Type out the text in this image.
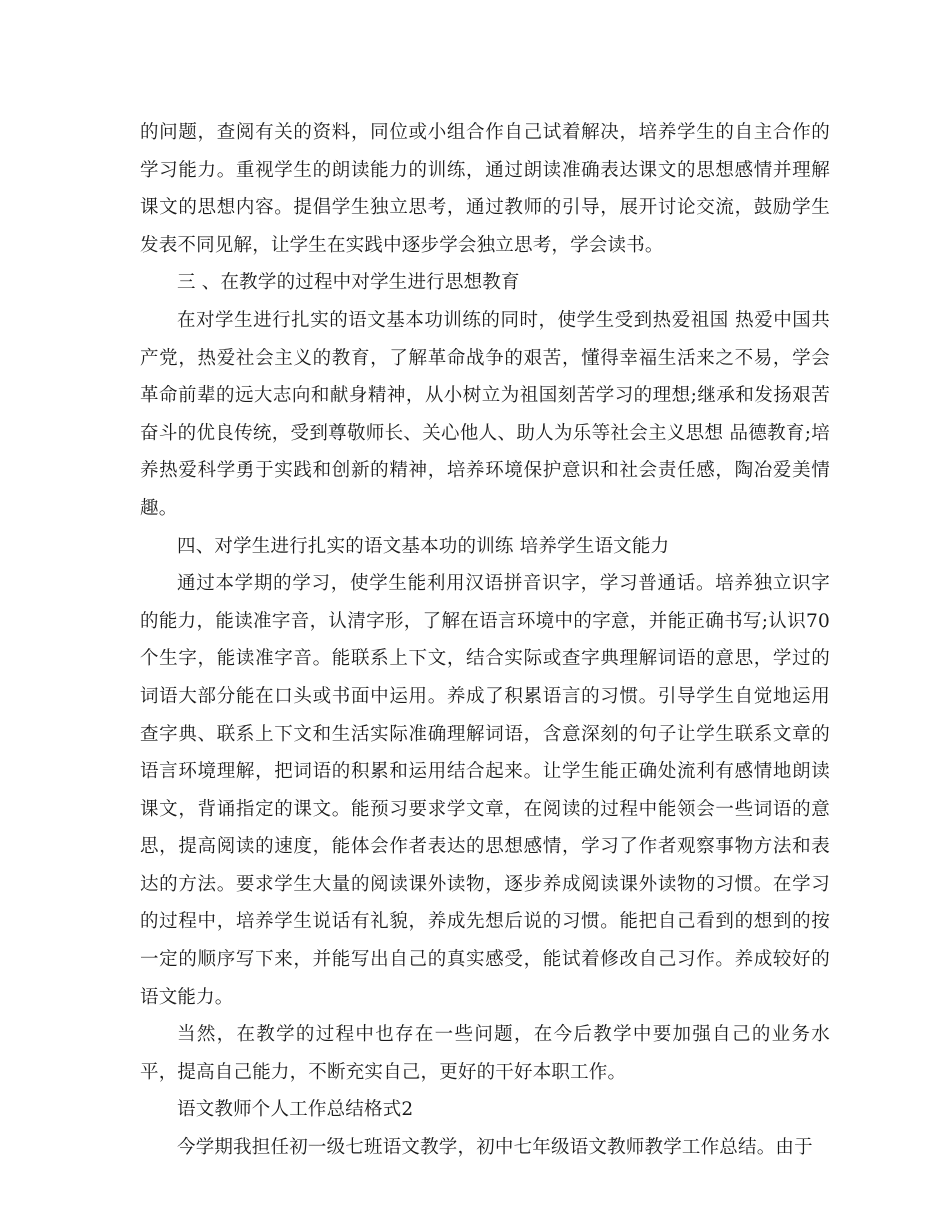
的问题，查阅有关的资料，同位或小组合作自己试着解决，培养学生的自主合作的学习能力。重视学生的朗读能力的训练，通过朗读准确表达课文的思想感情并理解课文的思想内容。提倡学生独立思考，通过教师的引导，展开讨论交流，鼓励学生发表不同见解，让学生在实践中逐步学会独立思考，学会读书。

三 、在教学的过程中对学生进行思想教育

在对学生进行扎实的语文基本功训练的同时，使学生受到热爱祖国 热爱中国共产党，热爱社会主义的教育，了解革命战争的艰苦，懂得幸福生活来之不易，学会革命前辈的远大志向和献身精神，从小树立为祖国刻苦学习的理想;继承和发扬艰苦奋斗的优良传统，受到尊敬师长、关心他人、助人为乐等社会主义思想 品德教育;培养热爱科学勇于实践和创新的精神，培养环境保护意识和社会责任感，陶冶爱美情趣。

四、对学生进行扎实的语文基本功的训练 培养学生语文能力

通过本学期的学习，使学生能利用汉语拼音识字，学习普通话。培养独立识字的能力，能读准字音，认清字形，了解在语言环境中的字意，并能正确书写;认识70个生字，能读准字音。能联系上下文，结合实际或查字典理解词语的意思，学过的词语大部分能在口头或书面中运用。养成了积累语言的习惯。引导学生自觉地运用查字典、联系上下文和生活实际准确理解词语，含意深刻的句子让学生联系文章的语言环境理解，把词语的积累和运用结合起来。让学生能正确处流利有感情地朗读课文，背诵指定的课文。能预习要求学文章，在阅读的过程中能领会一些词语的意思，提高阅读的速度，能体会作者表达的思想感情，学习了作者观察事物方法和表达的方法。要求学生大量的阅读课外读物，逐步养成阅读课外读物的习惯。在学习的过程中，培养学生说话有礼貌，养成先想后说的习惯。能把自己看到的想到的按一定的顺序写下来，并能写出自己的真实感受，能试着修改自己习作。养成较好的语文能力。

当然，在教学的过程中也存在一些问题，在今后教学中要加强自己的业务水平，提高自己能力，不断充实自己，更好的干好本职工作。

语文教师个人工作总结格式2

今学期我担任初一级七班语文教学，初中七年级语文教师教学工作总结。由于
